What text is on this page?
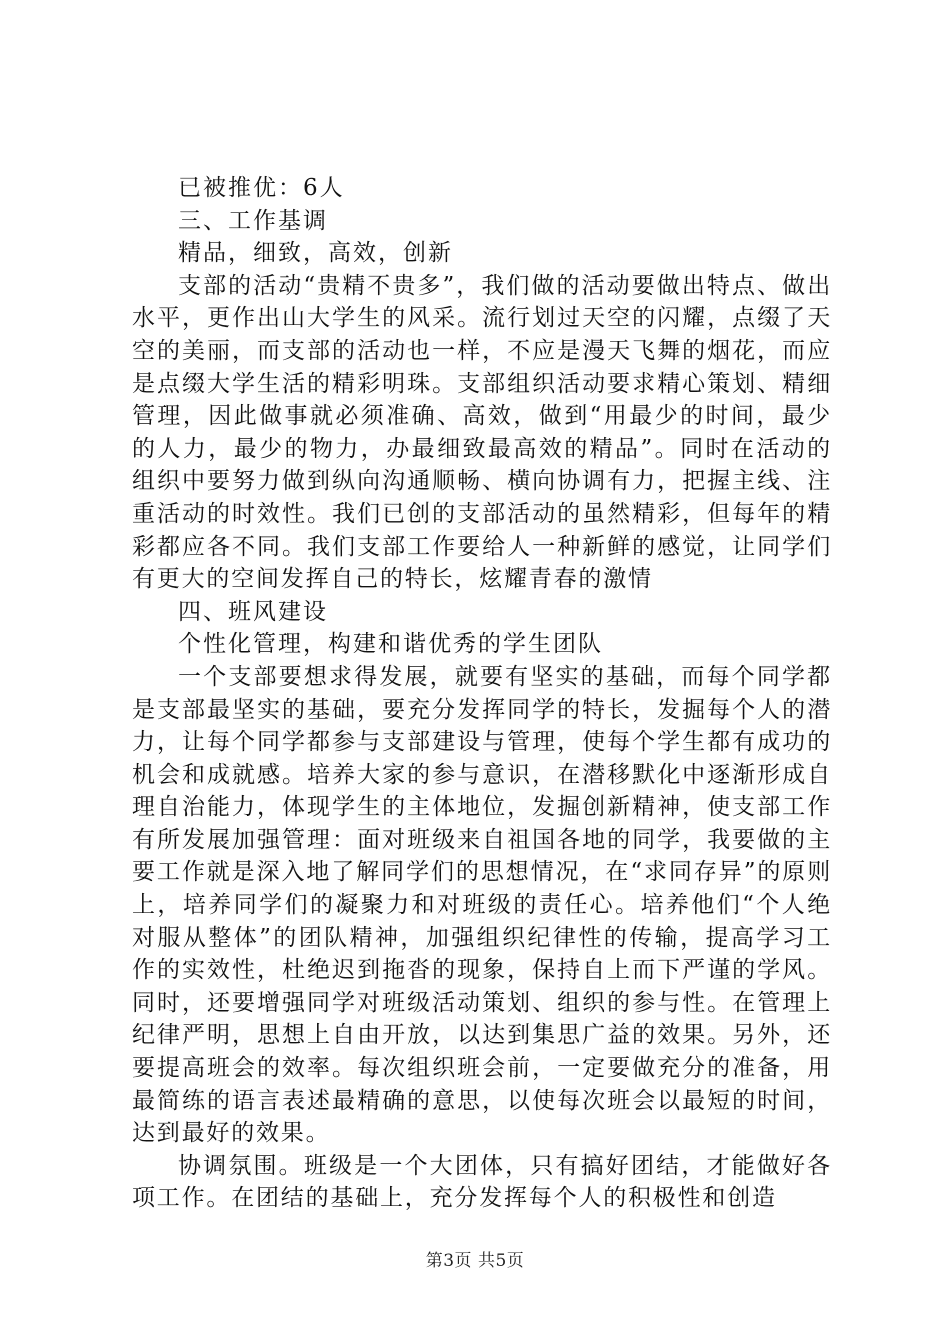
已被推优：6人

三、工作基调

精品，细致，高效，创新

支部的活动“贵精不贵多”，我们做的活动要做出特点、做出水平，更作出山大学生的风采。流行划过天空的闪耀，点缀了天空的美丽，而支部的活动也一样，不应是漫天飞舞的烟花，而应是点缀大学生活的精彩明珠。支部组织活动要求精心策划、精细管理，因此做事就必须准确、高效，做到“用最少的时间，最少的人力，最少的物力，办最细致最高效的精品”。同时在活动的组织中要努力做到纵向沟通顺畅、横向协调有力，把握主线、注重活动的时效性。我们已创的支部活动的虽然精彩，但每年的精彩都应各不同。我们支部工作要给人一种新鲜的感觉，让同学们有更大的空间发挥自己的特长，炫耀青春的激情

四、班风建设

个性化管理，构建和谐优秀的学生团队

一个支部要想求得发展，就要有坚实的基础，而每个同学都是支部最坚实的基础，要充分发挥同学的特长，发掘每个人的潜力，让每个同学都参与支部建设与管理，使每个学生都有成功的机会和成就感。培养大家的参与意识，在潜移默化中逐渐形成自理自治能力，体现学生的主体地位，发掘创新精神，使支部工作有所发展加强管理：面对班级来自祖国各地的同学，我要做的主要工作就是深入地了解同学们的思想情况，在“求同存异”的原则上，培养同学们的凝聚力和对班级的责任心。培养他们“个人绝对服从整体”的团队精神，加强组织纪律性的传输，提高学习工作的实效性，杜绝迟到拖沓的现象，保持自上而下严谨的学风。同时，还要增强同学对班级活动策划、组织的参与性。在管理上纪律严明，思想上自由开放，以达到集思广益的效果。另外，还要提高班会的效率。每次组织班会前，一定要做充分的准备，用最简练的语言表述最精确的意思，以使每次班会以最短的时间，达到最好的效果。

协调氛围。班级是一个大团体，只有搞好团结，才能做好各项工作。在团结的基础上，充分发挥每个人的积极性和创造

第3页 共5页
